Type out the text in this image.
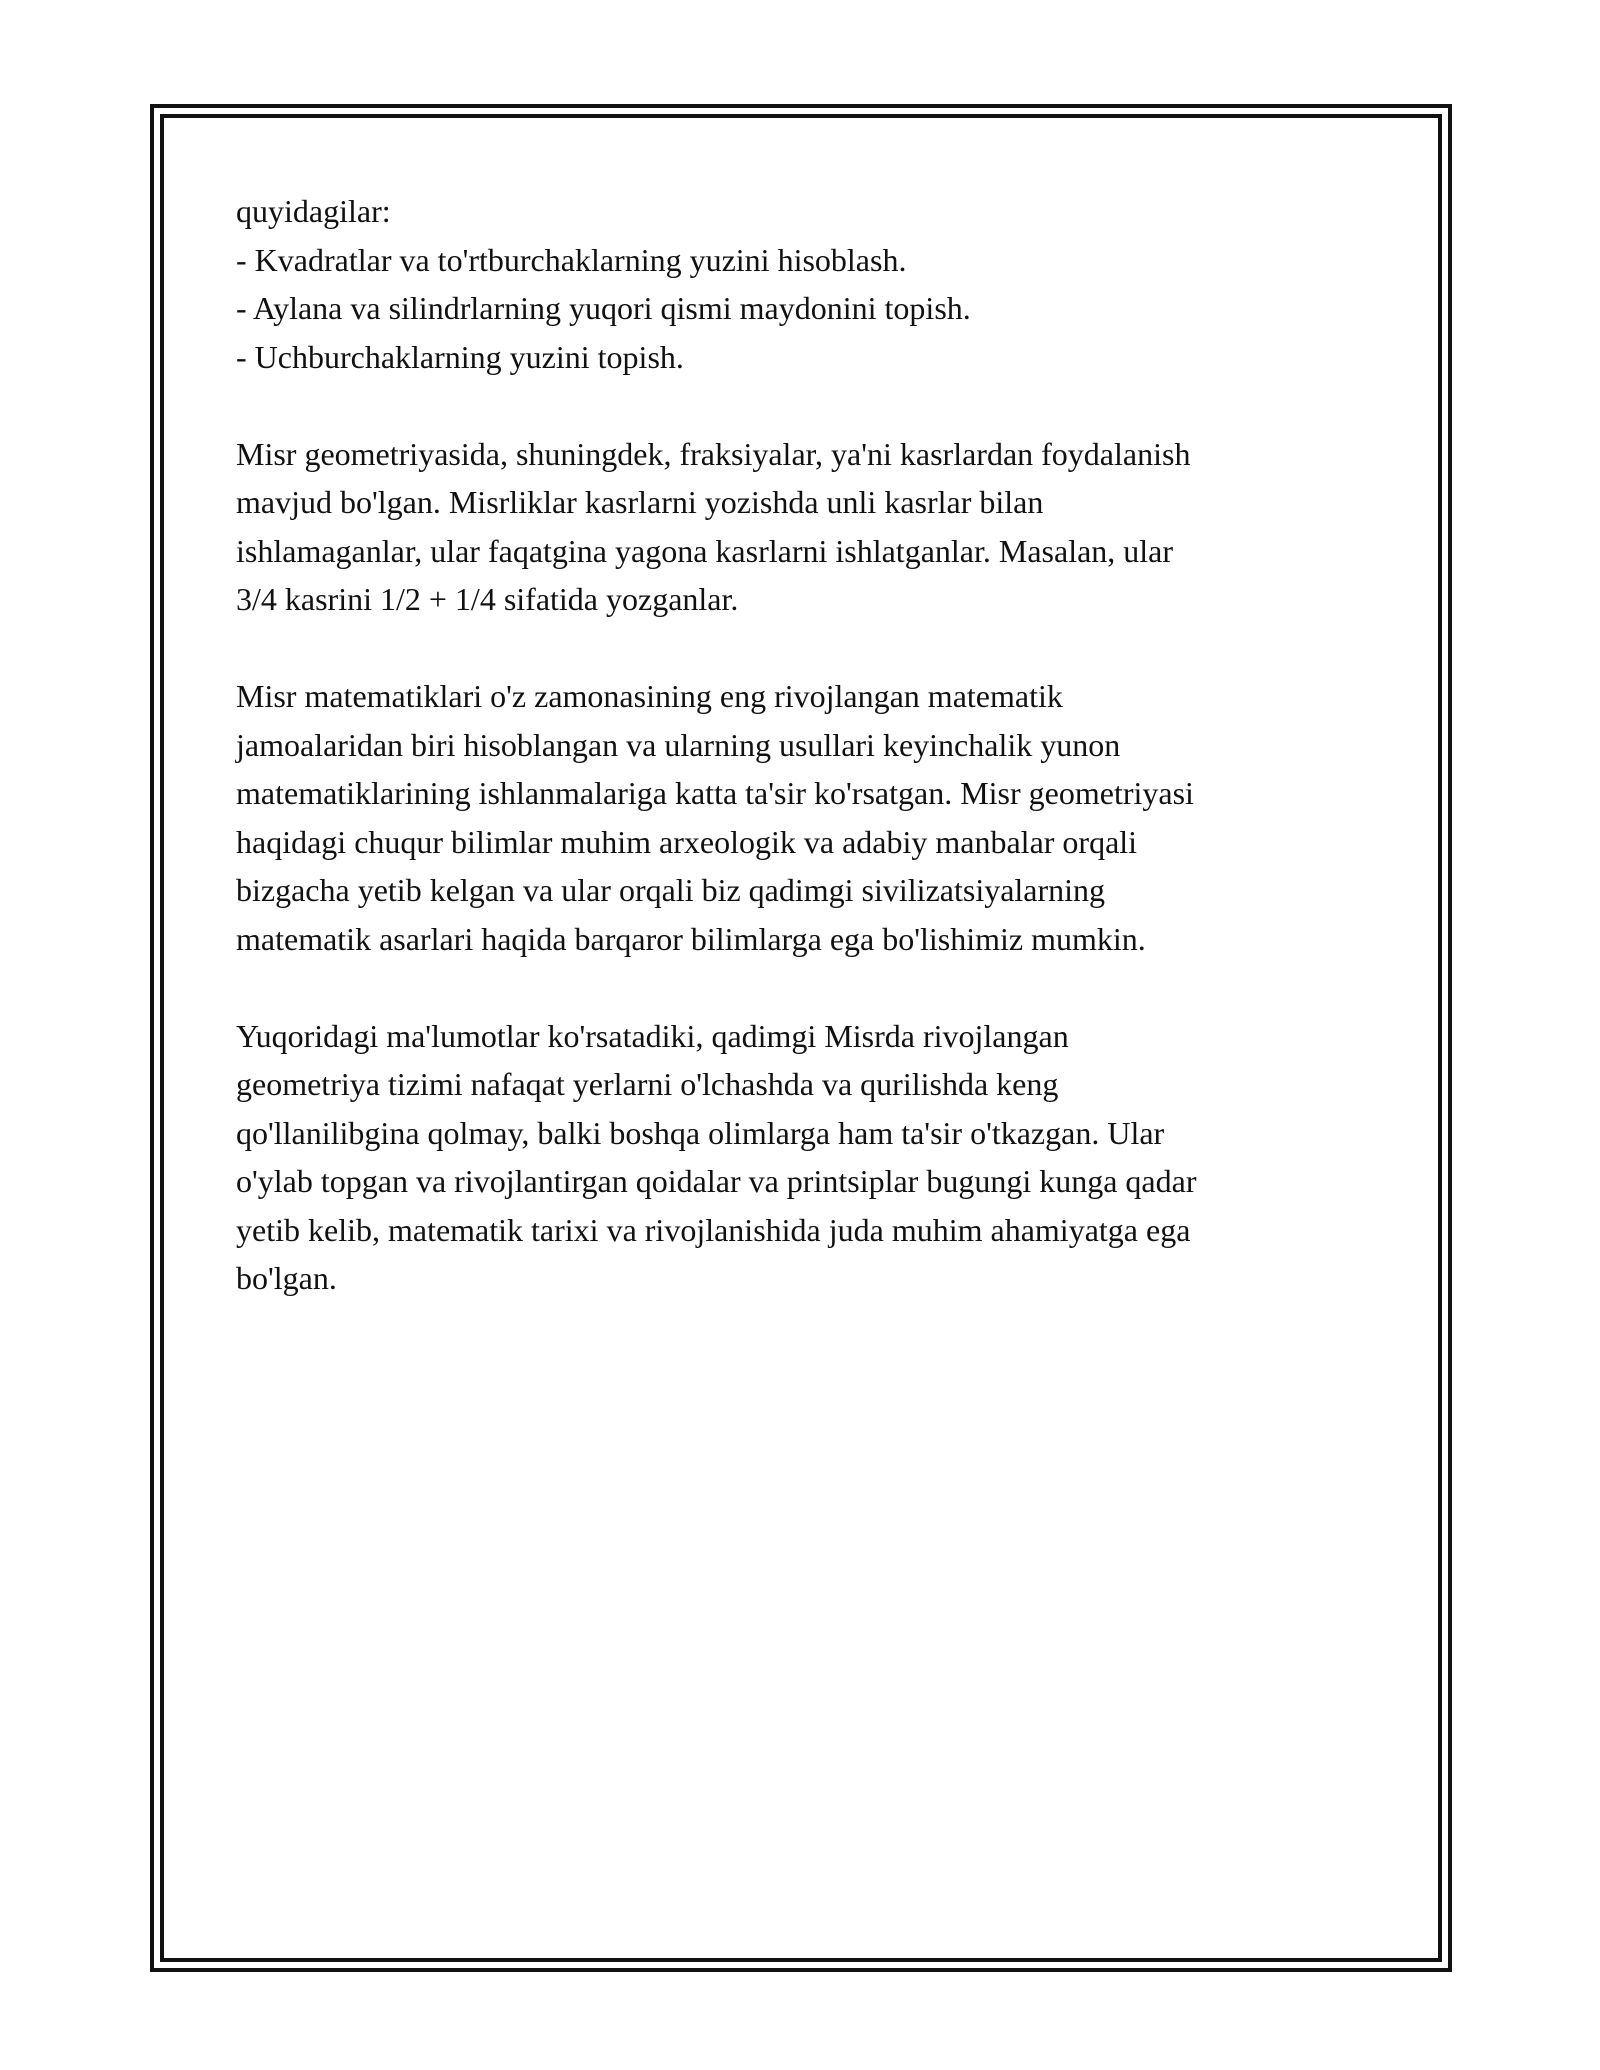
quyidagilar:
- Kvadratlar va to'rtburchaklarning yuzini hisoblash.
- Aylana va silindrlarning yuqori qismi maydonini topish.
- Uchburchaklarning yuzini topish.
Misr geometriyasida, shuningdek, fraksiyalar, ya'ni kasrlardan foydalanish
mavjud bo'lgan. Misrliklar kasrlarni yozishda unli kasrlar bilan
ishlamaganlar, ular faqatgina yagona kasrlarni ishlatganlar. Masalan, ular
3/4 kasrini 1/2 + 1/4 sifatida yozganlar.
Misr matematiklari o'z zamonasining eng rivojlangan matematik
jamoalaridan biri hisoblangan va ularning usullari keyinchalik yunon
matematiklarining ishlanmalariga katta ta'sir ko'rsatgan. Misr geometriyasi
haqidagi chuqur bilimlar muhim arxeologik va adabiy manbalar orqali
bizgacha yetib kelgan va ular orqali biz qadimgi sivilizatsiyalarning
matematik asarlari haqida barqaror bilimlarga ega bo'lishimiz mumkin.
Yuqoridagi ma'lumotlar ko'rsatadiki, qadimgi Misrda rivojlangan
geometriya tizimi nafaqat yerlarni o'lchashda va qurilishda keng
qo'llanilibgina qolmay, balki boshqa olimlarga ham ta'sir o'tkazgan. Ular
o'ylab topgan va rivojlantirgan qoidalar va printsiplar bugungi kunga qadar
yetib kelib, matematik tarixi va rivojlanishida juda muhim ahamiyatga ega
bo'lgan.
